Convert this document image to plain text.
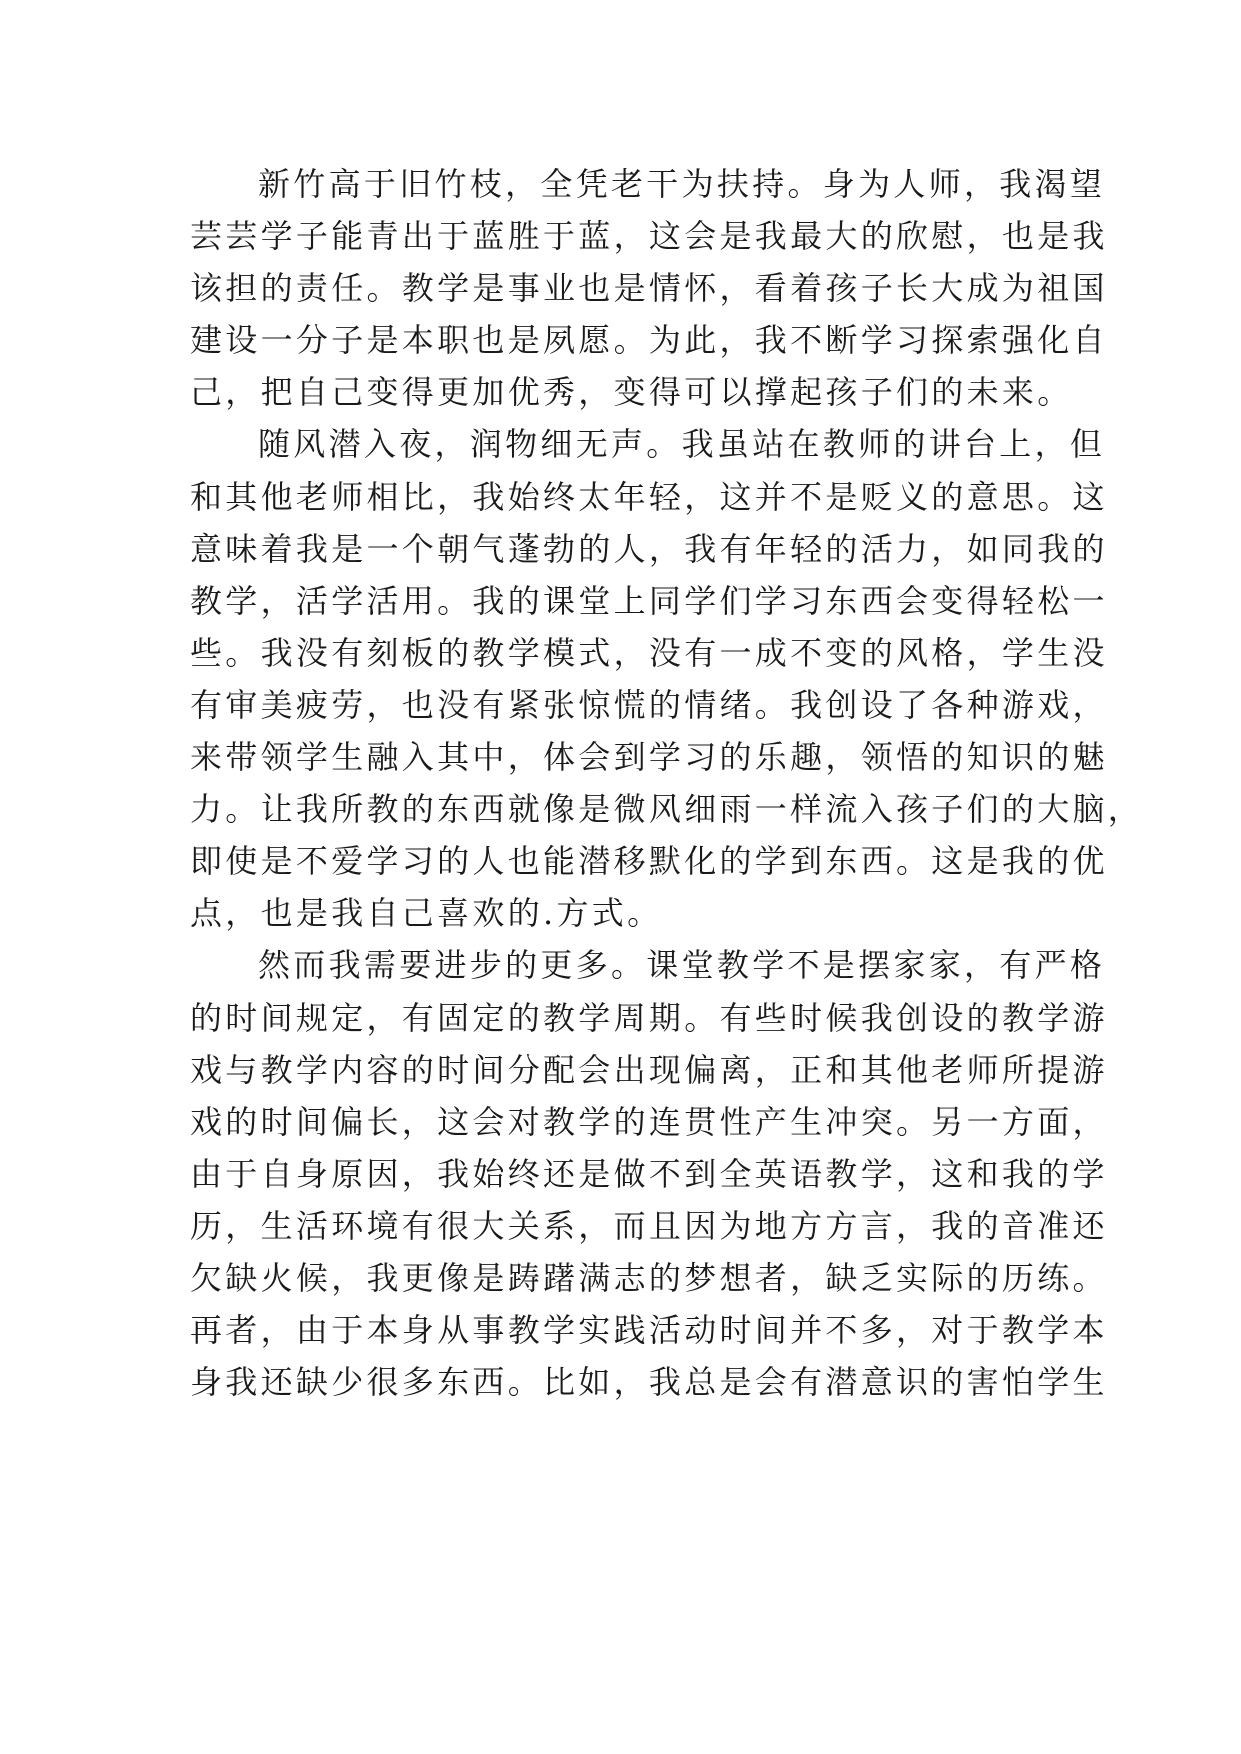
新竹高于旧竹枝，全凭老干为扶持。身为人师，我渴望
芸芸学子能青出于蓝胜于蓝，这会是我最大的欣慰，也是我
该担的责任。教学是事业也是情怀，看着孩子长大成为祖国
建设一分子是本职也是夙愿。为此，我不断学习探索强化自
己，把自己变得更加优秀，变得可以撑起孩子们的未来。
随风潜入夜，润物细无声。我虽站在教师的讲台上，但
和其他老师相比，我始终太年轻，这并不是贬义的意思。这
意味着我是一个朝气蓬勃的人，我有年轻的活力，如同我的
教学，活学活用。我的课堂上同学们学习东西会变得轻松一
些。我没有刻板的教学模式，没有一成不变的风格，学生没
有审美疲劳，也没有紧张惊慌的情绪。我创设了各种游戏，
来带领学生融入其中，体会到学习的乐趣，领悟的知识的魅
力。让我所教的东西就像是微风细雨一样流入孩子们的大脑，
即使是不爱学习的人也能潜移默化的学到东西。这是我的优
点，也是我自己喜欢的.方式。
然而我需要进步的更多。课堂教学不是摆家家，有严格
的时间规定，有固定的教学周期。有些时候我创设的教学游
戏与教学内容的时间分配会出现偏离，正和其他老师所提游
戏的时间偏长，这会对教学的连贯性产生冲突。另一方面，
由于自身原因，我始终还是做不到全英语教学，这和我的学
历，生活环境有很大关系，而且因为地方方言，我的音准还
欠缺火候，我更像是踌躇满志的梦想者，缺乏实际的历练。
再者，由于本身从事教学实践活动时间并不多，对于教学本
身我还缺少很多东西。比如，我总是会有潜意识的害怕学生
